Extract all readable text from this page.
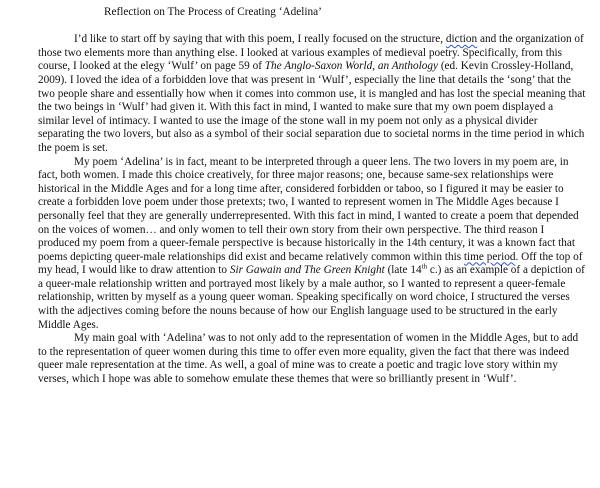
Reflection on The Process of Creating ‘Adelina’

I’d like to start off by saying that with this poem, I really focused on the structure, diction and the organization of those two elements more than anything else. I looked at various examples of medieval poetry. Specifically, from this course, I looked at the elegy ‘Wulf’ on page 59 of The Anglo-Saxon World, an Anthology (ed. Kevin Crossley-Holland, 2009). I loved the idea of a forbidden love that was present in ‘Wulf’, especially the line that details the ‘song’ that the two people share and essentially how when it comes into common use, it is mangled and has lost the special meaning that the two beings in ‘Wulf’ had given it. With this fact in mind, I wanted to make sure that my own poem displayed a similar level of intimacy. I wanted to use the image of the stone wall in my poem not only as a physical divider separating the two lovers, but also as a symbol of their social separation due to societal norms in the time period in which the poem is set.

My poem ‘Adelina’ is in fact, meant to be interpreted through a queer lens. The two lovers in my poem are, in fact, both women. I made this choice creatively, for three major reasons; one, because same-sex relationships were historical in the Middle Ages and for a long time after, considered forbidden or taboo, so I figured it may be easier to create a forbidden love poem under those pretexts; two, I wanted to represent women in The Middle Ages because I personally feel that they are generally underrepresented. With this fact in mind, I wanted to create a poem that depended on the voices of women… and only women to tell their own story from their own perspective. The third reason I produced my poem from a queer-female perspective is because historically in the 14th century, it was a known fact that poems depicting queer-male relationships did exist and became relatively common within this time period. Off the top of my head, I would like to draw attention to Sir Gawain and The Green Knight (late 14th c.) as an example of a depiction of a queer-male relationship written and portrayed most likely by a male author, so I wanted to represent a queer-female relationship, written by myself as a young queer woman. Speaking specifically on word choice, I structured the verses with the adjectives coming before the nouns because of how our English language used to be structured in the early Middle Ages.

My main goal with ‘Adelina’ was to not only add to the representation of women in the Middle Ages, but to add to the representation of queer women during this time to offer even more equality, given the fact that there was indeed queer male representation at the time. As well, a goal of mine was to create a poetic and tragic love story within my verses, which I hope was able to somehow emulate these themes that were so brilliantly present in ‘Wulf’.
